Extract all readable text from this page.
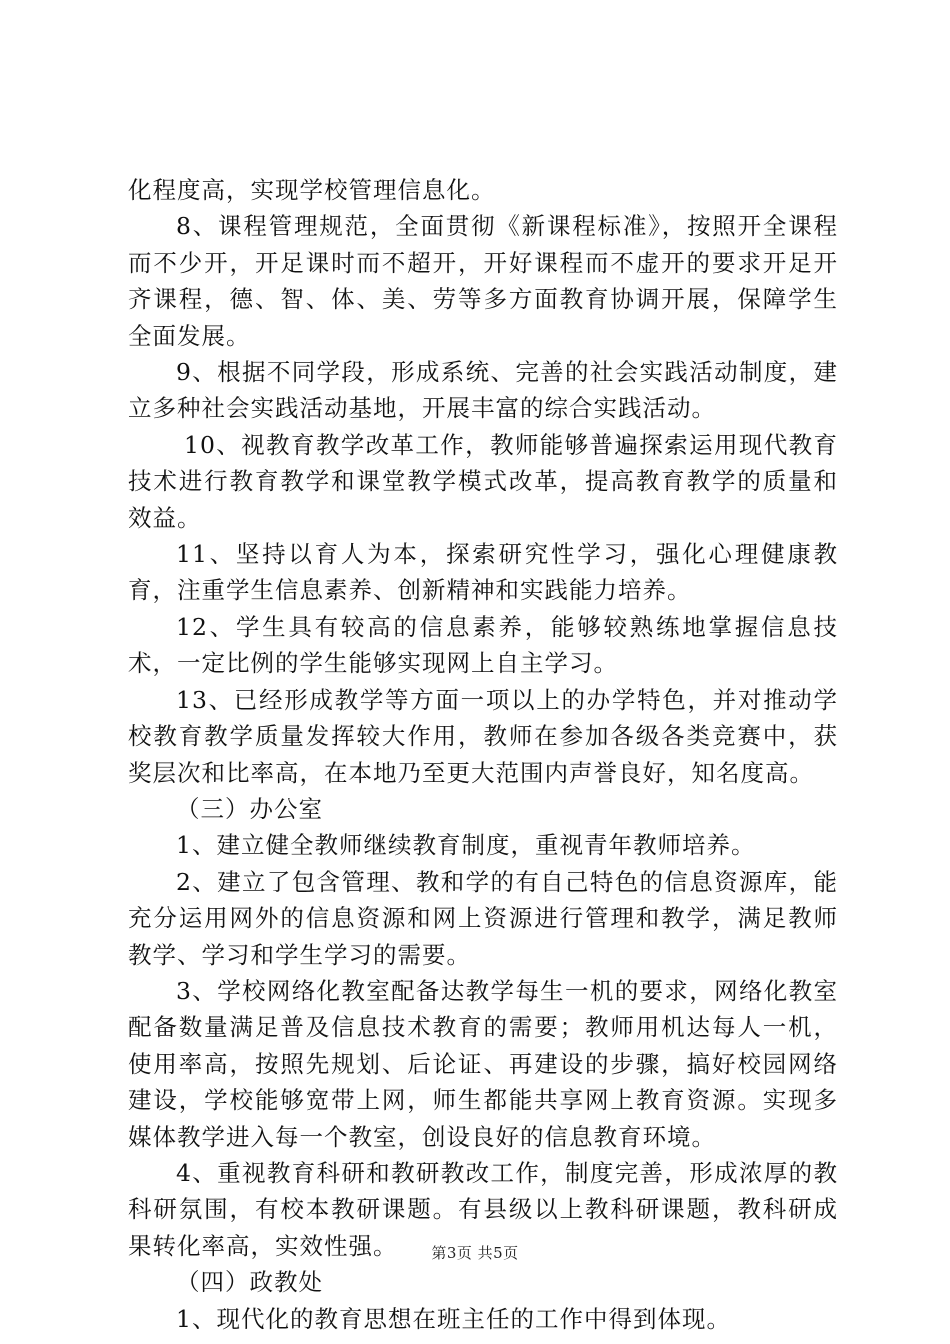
化程度高，实现学校管理信息化。

8、课程管理规范，全面贯彻《新课程标准》，按照开全课程而不少开，开足课时而不超开，开好课程而不虚开的要求开足开齐课程，德、智、体、美、劳等多方面教育协调开展，保障学生全面发展。

9、根据不同学段，形成系统、完善的社会实践活动制度，建立多种社会实践活动基地，开展丰富的综合实践活动。

10、视教育教学改革工作，教师能够普遍探索运用现代教育技术进行教育教学和课堂教学模式改革，提高教育教学的质量和效益。

11、坚持以育人为本，探索研究性学习，强化心理健康教育，注重学生信息素养、创新精神和实践能力培养。

12、学生具有较高的信息素养，能够较熟练地掌握信息技术，一定比例的学生能够实现网上自主学习。

13、已经形成教学等方面一项以上的办学特色，并对推动学校教育教学质量发挥较大作用，教师在参加各级各类竞赛中，获奖层次和比率高，在本地乃至更大范围内声誉良好，知名度高。

（三）办公室

1、建立健全教师继续教育制度，重视青年教师培养。

2、建立了包含管理、教和学的有自己特色的信息资源库，能充分运用网外的信息资源和网上资源进行管理和教学，满足教师教学、学习和学生学习的需要。

3、学校网络化教室配备达教学每生一机的要求，网络化教室配备数量满足普及信息技术教育的需要；教师用机达每人一机，使用率高，按照先规划、后论证、再建设的步骤，搞好校园网络建设，学校能够宽带上网，师生都能共享网上教育资源。实现多媒体教学进入每一个教室，创设良好的信息教育环境。

4、重视教育科研和教研教改工作，制度完善，形成浓厚的教科研氛围，有校本教研课题。有县级以上教科研课题，教科研成果转化率高，实效性强。

（四）政教处

1、现代化的教育思想在班主任的工作中得到体现。

第3页 共5页
